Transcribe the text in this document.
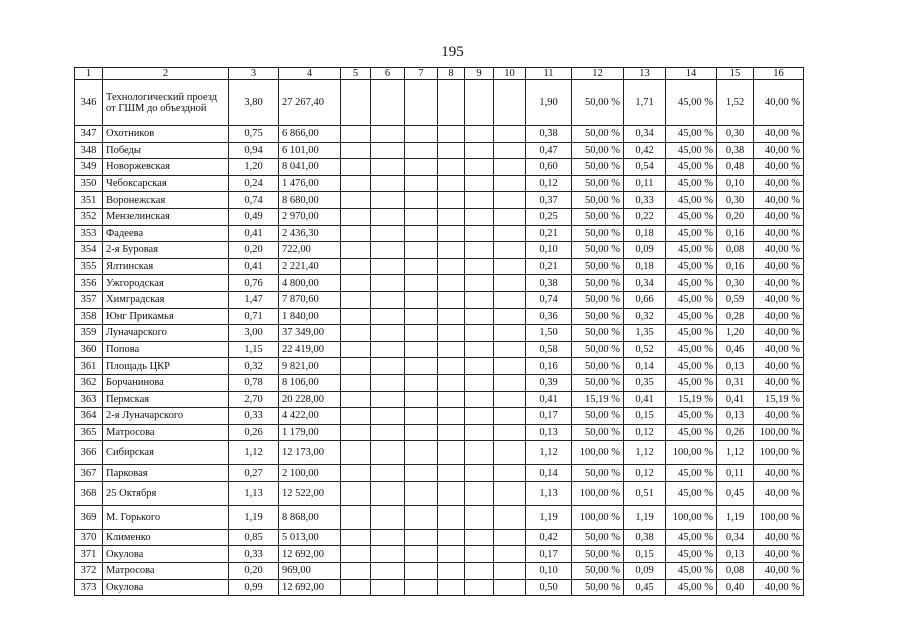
195
1	2	3	4	5	6	7	8	9	10	11	12	13	14	15	16
346	Технологический проезд от ГШМ до объездной	3,80	27 267,40							1,90	50,00 %	1,71	45,00 %	1,52	40,00 %
347	Охотников	0,75	6 866,00							0,38	50,00 %	0,34	45,00 %	0,30	40,00 %
348	Победы	0,94	6 101,00							0,47	50,00 %	0,42	45,00 %	0,38	40,00 %
349	Новоржевская	1,20	8 041,00							0,60	50,00 %	0,54	45,00 %	0,48	40,00 %
350	Чебоксарская	0,24	1 476,00							0,12	50,00 %	0,11	45,00 %	0,10	40,00 %
351	Воронежская	0,74	8 680,00							0,37	50,00 %	0,33	45,00 %	0,30	40,00 %
352	Мензелинская	0,49	2 970,00							0,25	50,00 %	0,22	45,00 %	0,20	40,00 %
353	Фадеева	0,41	2 436,30							0,21	50,00 %	0,18	45,00 %	0,16	40,00 %
354	2-я Буровая	0,20	722,00							0,10	50,00 %	0,09	45,00 %	0,08	40,00 %
355	Ялтинская	0,41	2 221,40							0,21	50,00 %	0,18	45,00 %	0,16	40,00 %
356	Ужгородская	0,76	4 800,00							0,38	50,00 %	0,34	45,00 %	0,30	40,00 %
357	Химградская	1,47	7 870,60							0,74	50,00 %	0,66	45,00 %	0,59	40,00 %
358	Юнг Прикамья	0,71	1 840,00							0,36	50,00 %	0,32	45,00 %	0,28	40,00 %
359	Луначарского	3,00	37 349,00							1,50	50,00 %	1,35	45,00 %	1,20	40,00 %
360	Попова	1,15	22 419,00							0,58	50,00 %	0,52	45,00 %	0,46	40,00 %
361	Площадь ЦКР	0,32	9 821,00							0,16	50,00 %	0,14	45,00 %	0,13	40,00 %
362	Борчанинова	0,78	8 106,00							0,39	50,00 %	0,35	45,00 %	0,31	40,00 %
363	Пермская	2,70	20 228,00							0,41	15,19 %	0,41	15,19 %	0,41	15,19 %
364	2-я Луначарского	0,33	4 422,00							0,17	50,00 %	0,15	45,00 %	0,13	40,00 %
365	Матросова	0,26	1 179,00							0,13	50,00 %	0,12	45,00 %	0,26	100,00 %
366	Сибирская	1,12	12 173,00							1,12	100,00 %	1,12	100,00 %	1,12	100,00 %
367	Парковая	0,27	2 100,00							0,14	50,00 %	0,12	45,00 %	0,11	40,00 %
368	25 Октября	1,13	12 522,00							1,13	100,00 %	0,51	45,00 %	0,45	40,00 %
369	М. Горького	1,19	8 868,00							1,19	100,00 %	1,19	100,00 %	1,19	100,00 %
370	Клименко	0,85	5 013,00							0,42	50,00 %	0,38	45,00 %	0,34	40,00 %
371	Окулова	0,33	12 692,00							0,17	50,00 %	0,15	45,00 %	0,13	40,00 %
372	Матросова	0,20	969,00							0,10	50,00 %	0,09	45,00 %	0,08	40,00 %
373	Окулова	0,99	12 692,00							0,50	50,00 %	0,45	45,00 %	0,40	40,00 %
